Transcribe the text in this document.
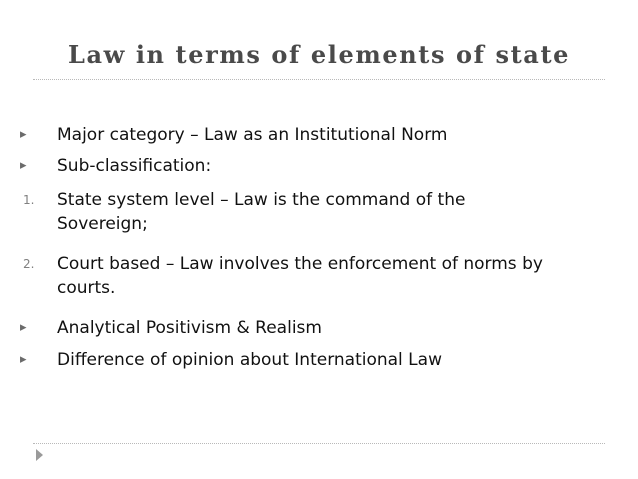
Law in terms of elements of state
▸ Major category – Law as an Institutional Norm
▸ Sub-classification:
1. State system level – Law is the command of the Sovereign;
2. Court based – Law involves the enforcement of norms by courts.
▸ Analytical Positivism & Realism
▸ Difference of opinion about International Law
